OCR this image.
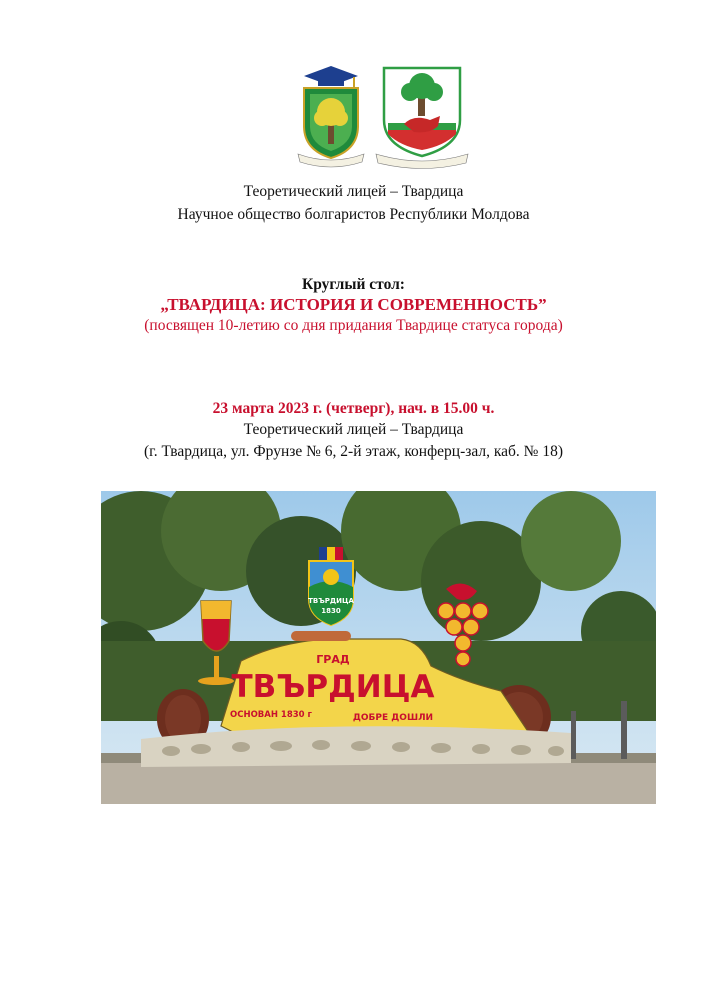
Теоретический лицей – Твардица
Научное общество болгаристов Республики Молдова
Круглый стол:
„ТВАРДИЦА: ИСТОРИЯ И СОВРЕМЕННОСТЬ”
(посвящен 10-летию со дня придания Твардице статуса города)
23 марта 2023 г. (четверг), нач. в 15.00 ч.
Теоретический лицей – Твардица
(г. Твардица, ул. Фрунзе № 6, 2-й этаж, конферц-зал, каб. № 18)
ТВЪРДИЦА
1830
ГРАД
ТВЪРДИЦА
ОСНОВАН 1830 г	ДОБРЕ ДОШЛИ
